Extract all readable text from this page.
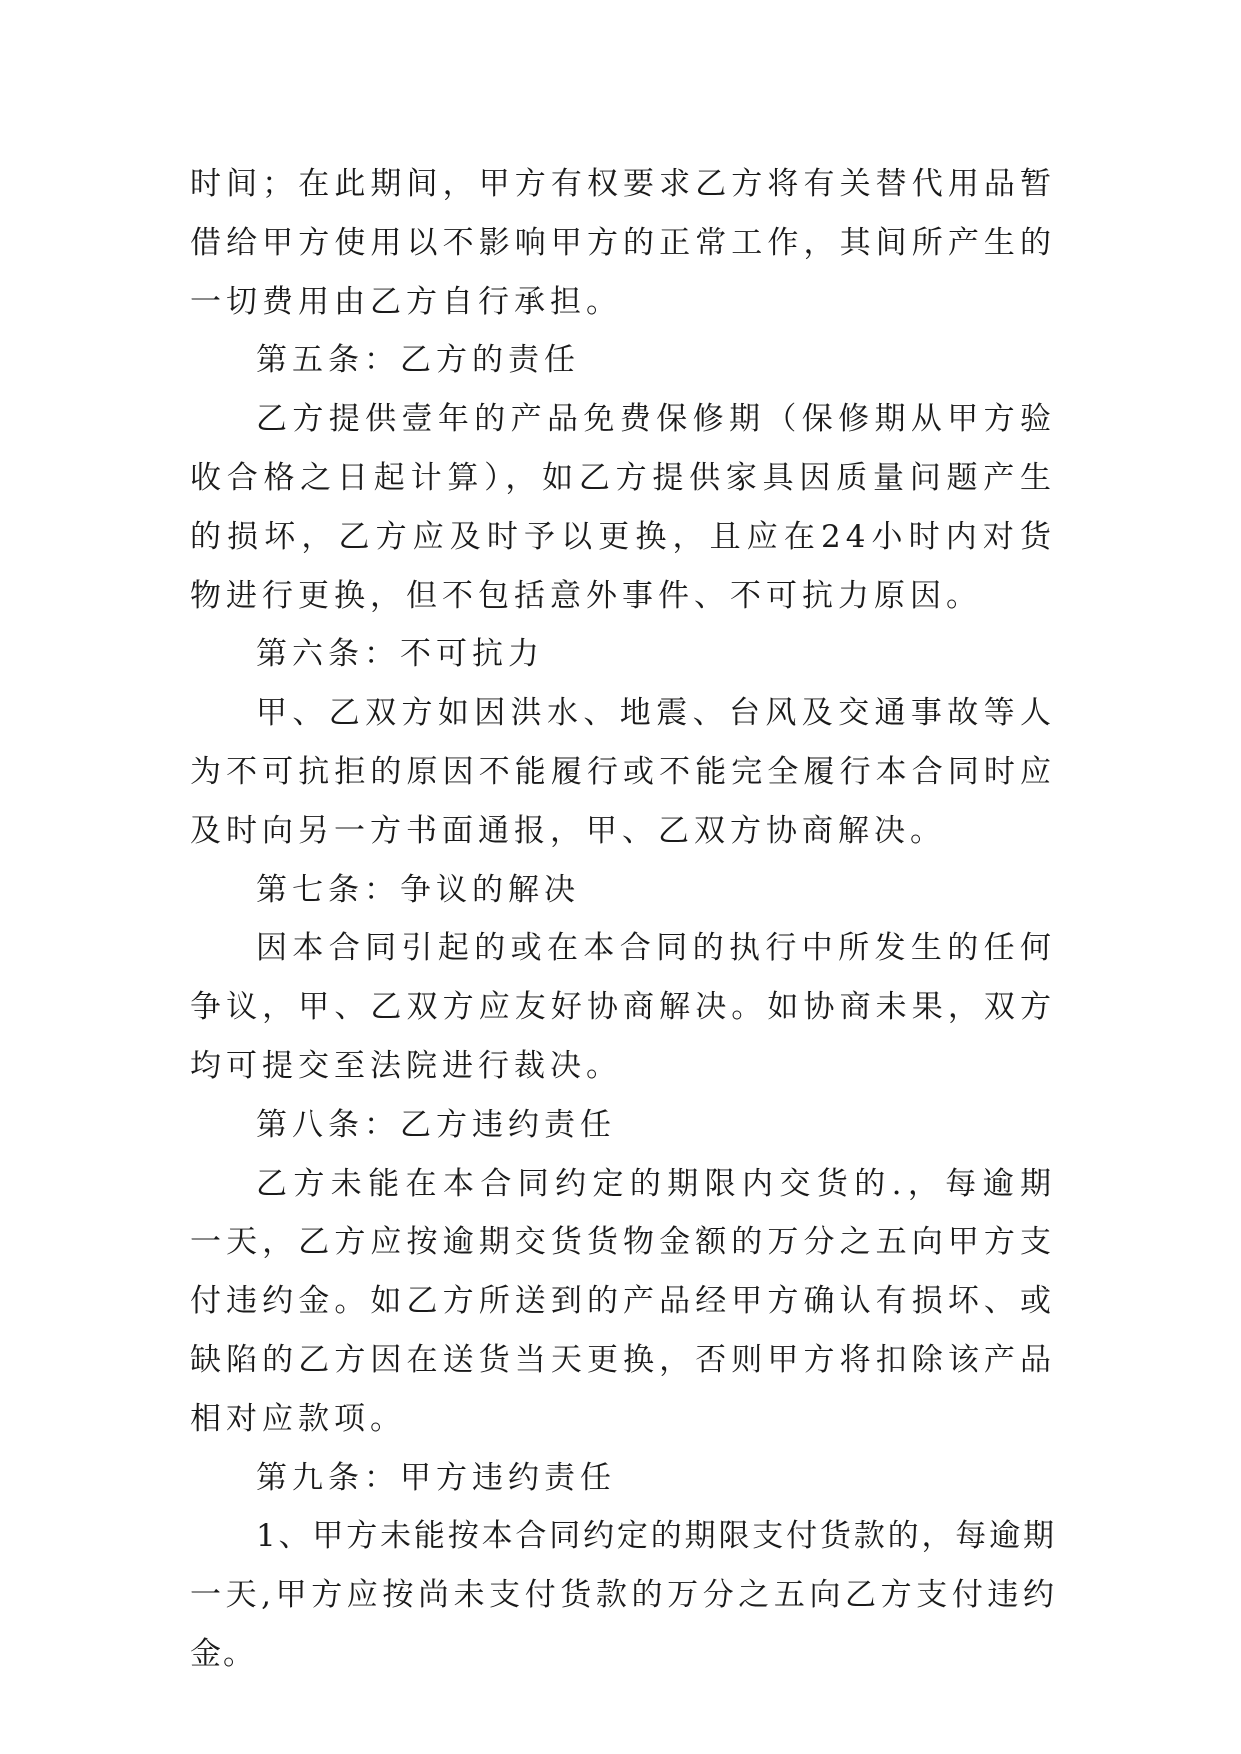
时间；在此期间，甲方有权要求乙方将有关替代用品暂借给甲方使用以不影响甲方的正常工作，其间所产生的一切费用由乙方自行承担。

第五条：乙方的责任

乙方提供壹年的产品免费保修期（保修期从甲方验收合格之日起计算），如乙方提供家具因质量问题产生的损坏，乙方应及时予以更换，且应在24小时内对货物进行更换，但不包括意外事件、不可抗力原因。

第六条：不可抗力

甲、乙双方如因洪水、地震、台风及交通事故等人为不可抗拒的原因不能履行或不能完全履行本合同时应及时向另一方书面通报，甲、乙双方协商解决。

第七条：争议的解决

因本合同引起的或在本合同的执行中所发生的任何争议，甲、乙双方应友好协商解决。如协商未果，双方均可提交至法院进行裁决。

第八条：乙方违约责任

乙方未能在本合同约定的期限内交货的.，每逾期一天，乙方应按逾期交货货物金额的万分之五向甲方支付违约金。如乙方所送到的产品经甲方确认有损坏、或缺陷的乙方因在送货当天更换，否则甲方将扣除该产品相对应款项。

第九条：甲方违约责任

1、甲方未能按本合同约定的期限支付货款的，每逾期一天,甲方应按尚未支付货款的万分之五向乙方支付违约金。
